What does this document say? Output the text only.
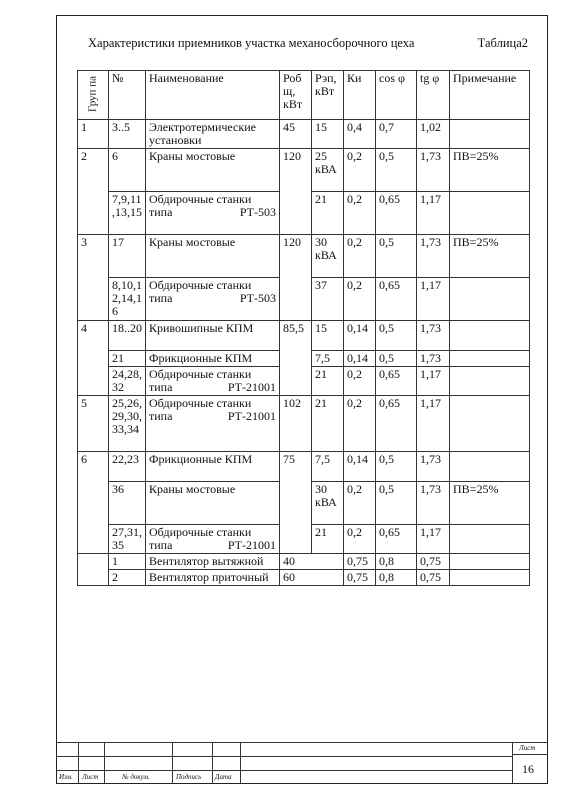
Характеристики приемников участка механосборочного цеха	Таблица2
Груп па	№	Наименование	Робщ, кВт	Рэп, кВт	Ки	cos φ	tg φ	Примечание
1	3..5	Электротермические установки	45	15	0,4	0,7	1,02	
2	6	Краны мостовые	120	25 кВА	0,2	0,5	1,73	ПВ=25%
	7,9,11,13,15	Обдирочные станки типа РТ-503		21	0,2	0,65	1,17	
3	17	Краны мостовые	120	30 кВА	0,2	0,5	1,73	ПВ=25%
	8,10,12,14,16	Обдирочные станки типа РТ-503		37	0,2	0,65	1,17	
4	18..20	Кривошипные КПМ	85,5	15	0,14	0,5	1,73	
	21	Фрикционные КПМ		7,5	0,14	0,5	1,73	
	24,28, 32	Обдирочные станки типа РТ-21001		21	0,2	0,65	1,17	
5	25,26,29,30,33,34	Обдирочные станки типа РТ-21001	102	21	0,2	0,65	1,17	
6	22,23	Фрикционные КПМ	75	7,5	0,14	0,5	1,73	
	36	Краны мостовые		30 кВА	0,2	0,5	1,73	ПВ=25%
	27,31,35	Обдирочные станки типа РТ-21001		21	0,2	0,65	1,17	
	1	Вентилятор вытяжной	40		0,75	0,8	0,75	
	2	Вентилятор приточный	60		0,75	0,8	0,75	
Изм. Лист	№ докум.	Подпись Дата
Лист
16
